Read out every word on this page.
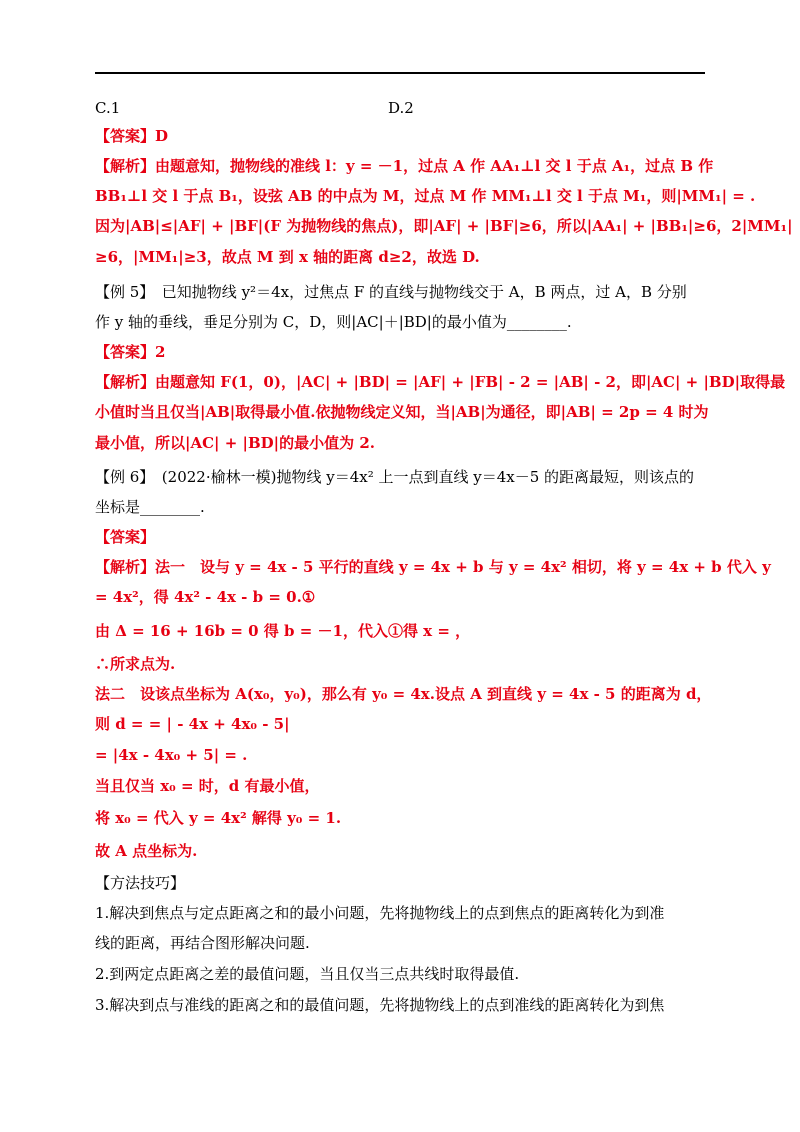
C.1	D.2
【答案】D
【解析】由题意知，抛物线的准线 l：y = －1，过点 A 作 AA₁⊥l 交 l 于点 A₁，过点 B 作
BB₁⊥l 交 l 于点 B₁，设弦 AB 的中点为 M，过点 M 作 MM₁⊥l 交 l 于点 M₁，则|MM₁| = .
因为|AB|≤|AF| + |BF|(F 为抛物线的焦点)，即|AF| + |BF|≥6，所以|AA₁| + |BB₁|≥6，2|MM₁|
≥6，|MM₁|≥3，故点 M 到 x 轴的距离 d≥2，故选 D.
【例 5】　已知抛物线 y²＝4x，过焦点 F 的直线与抛物线交于 A，B 两点，过 A，B 分别
作 y 轴的垂线，垂足分别为 C，D，则|AC|＋|BD|的最小值为________.
【答案】2
【解析】由题意知 F(1，0)，|AC| + |BD| = |AF| + |FB| - 2 = |AB| - 2，即|AC| + |BD|取得最
小值时当且仅当|AB|取得最小值.依抛物线定义知，当|AB|为通径，即|AB| = 2p = 4 时为
最小值，所以|AC| + |BD|的最小值为 2.
【例 6】　(2022·榆林一模)抛物线 y＝4x² 上一点到直线 y＝4x－5 的距离最短，则该点的
坐标是________.
【答案】
【解析】法一　设与 y = 4x - 5 平行的直线 y = 4x + b 与 y = 4x² 相切，将 y = 4x + b 代入 y
= 4x²，得 4x² - 4x - b = 0.①
由 Δ = 16 + 16b = 0 得 b = －1，代入①得 x = ，
∴所求点为.
法二　设该点坐标为 A(x₀，y₀)，那么有 y₀ = 4x.设点 A 到直线 y = 4x - 5 的距离为 d，
则 d = = | - 4x + 4x₀ - 5|
= |4x - 4x₀ + 5| = .
当且仅当 x₀ = 时，d 有最小值，
将 x₀ = 代入 y = 4x² 解得 y₀ = 1.
故 A 点坐标为.
【方法技巧】
1.解决到焦点与定点距离之和的最小问题，先将抛物线上的点到焦点的距离转化为到准
线的距离，再结合图形解决问题.
2.到两定点距离之差的最值问题，当且仅当三点共线时取得最值.
3.解决到点与准线的距离之和的最值问题，先将抛物线上的点到准线的距离转化为到焦
